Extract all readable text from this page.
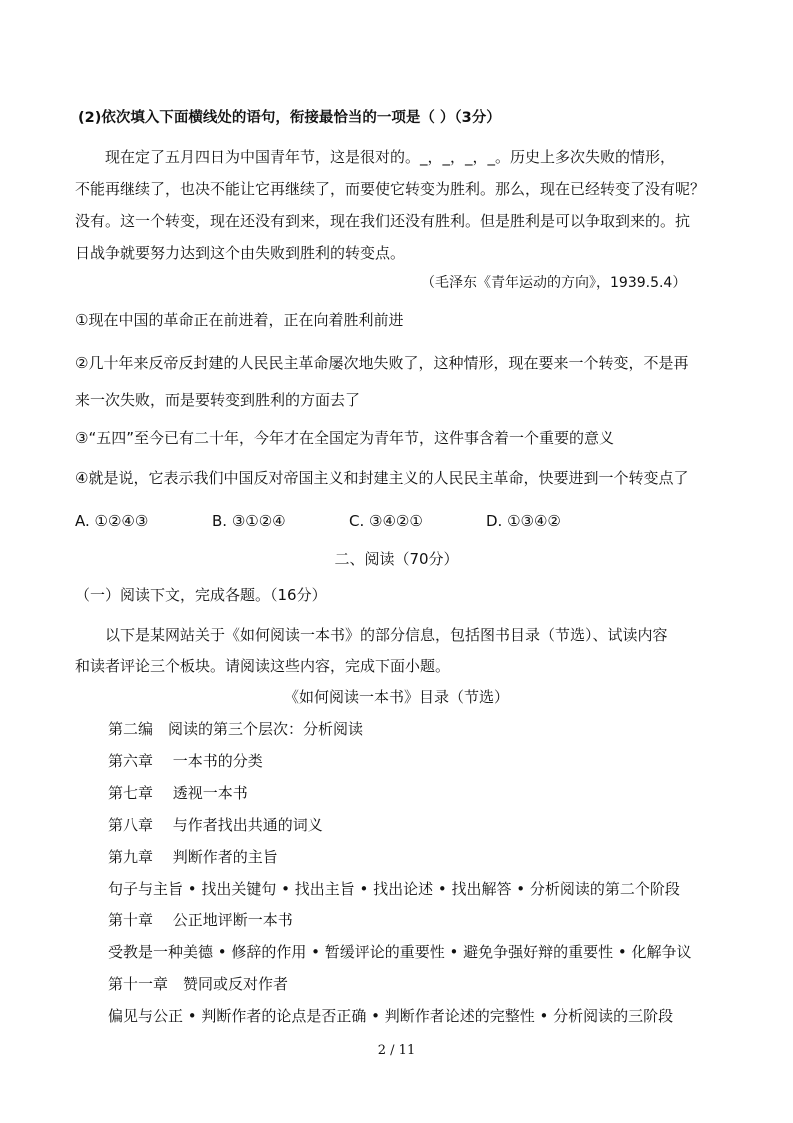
(2)依次填入下面横线处的语句，衔接最恰当的一项是（ ）（3分）
现在定了五月四日为中国青年节，这是很对的。_，_，_，_。历史上多次失败的情形，
不能再继续了，也决不能让它再继续了，而要使它转变为胜利。那么，现在已经转变了没有呢？
没有。这一个转变，现在还没有到来，现在我们还没有胜利。但是胜利是可以争取到来的。抗
日战争就要努力达到这个由失败到胜利的转变点。
（毛泽东《青年运动的方向》，1939.5.4）
①现在中国的革命正在前进着，正在向着胜利前进
②几十年来反帝反封建的人民民主革命屡次地失败了，这种情形，现在要来一个转变，不是再
来一次失败，而是要转变到胜利的方面去了
③“五四”至今已有二十年，今年才在全国定为青年节，这件事含着一个重要的意义
④就是说，它表示我们中国反对帝国主义和封建主义的人民民主革命，快要进到一个转变点了
A. ①②④③	B. ③①②④	C. ③④②①	D. ①③④②
二、阅读（70分）
（一）阅读下文，完成各题。（16分）
以下是某网站关于《如何阅读一本书》的部分信息，包括图书目录（节选）、试读内容
和读者评论三个板块。请阅读这些内容，完成下面小题。
《如何阅读一本书》目录（节选）
第二编　阅读的第三个层次：分析阅读
第六章　 一本书的分类
第七章　 透视一本书
第八章　 与作者找出共通的词义
第九章　 判断作者的主旨
句子与主旨 • 找出关键句 • 找出主旨 • 找出论述 • 找出解答 • 分析阅读的第二个阶段
第十章　 公正地评断一本书
受教是一种美德 • 修辞的作用 • 暂缓评论的重要性 • 避免争强好辩的重要性 • 化解争议
第十一章　赞同或反对作者
偏见与公正 • 判断作者的论点是否正确 • 判断作者论述的完整性 • 分析阅读的三阶段
2 / 11
